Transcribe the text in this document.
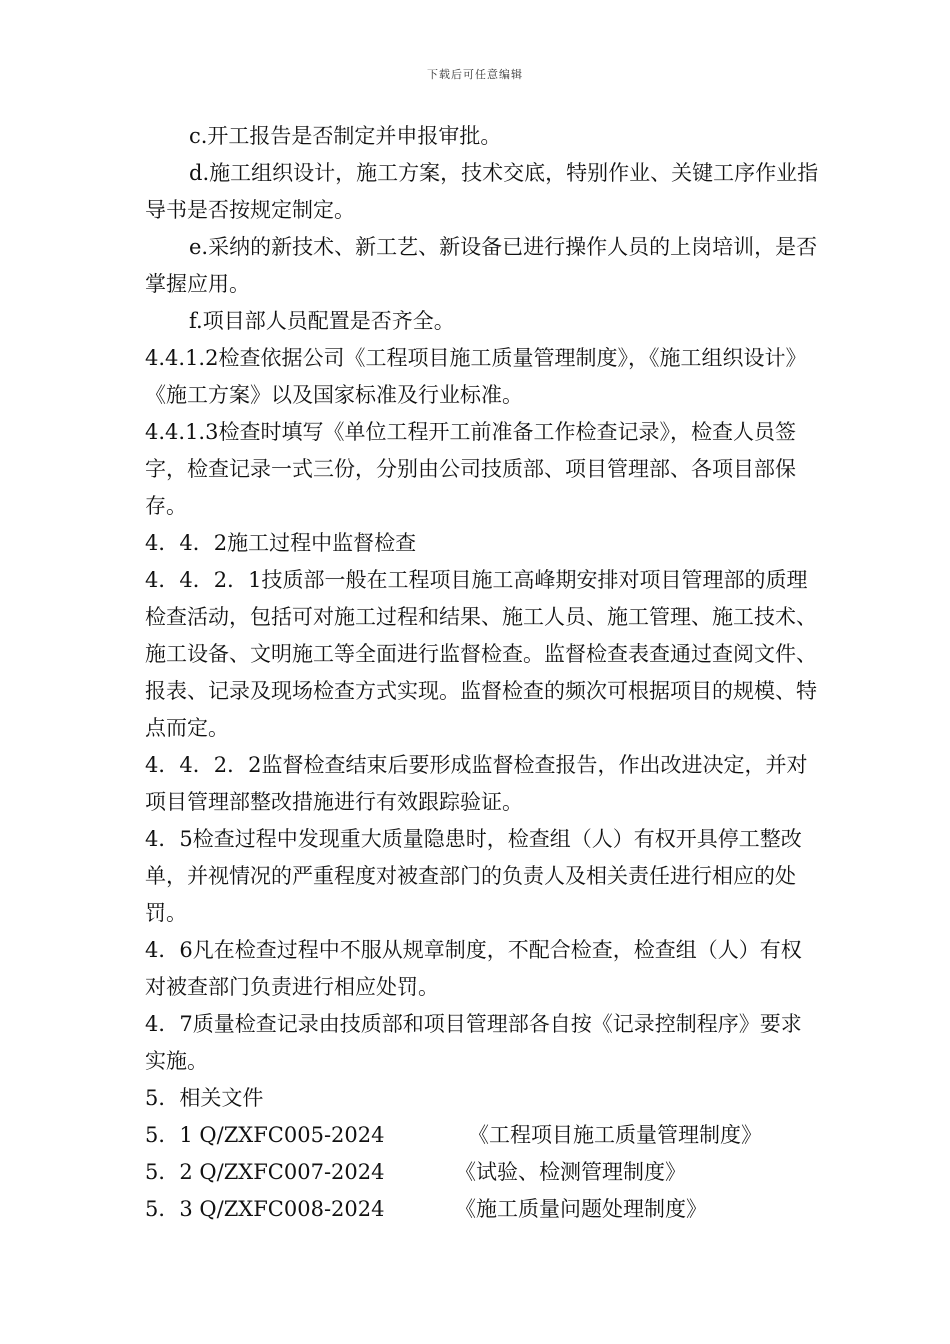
下载后可任意编辑

c.开工报告是否制定并申报审批。

d.施工组织设计，施工方案，技术交底，特别作业、关键工序作业指导书是否按规定制定。

e.采纳的新技术、新工艺、新设备已进行操作人员的上岗培训，是否掌握应用。

f.项目部人员配置是否齐全。

4.4.1.2检查依据公司《工程项目施工质量管理制度》，《施工组织设计》《施工方案》以及国家标准及行业标准。

4.4.1.3检查时填写《单位工程开工前准备工作检查记录》，检查人员签字，检查记录一式三份，分别由公司技质部、项目管理部、各项目部保存。

4．4．2施工过程中监督检查

4．4．2．1技质部一般在工程项目施工高峰期安排对项目管理部的质理检查活动，包括可对施工过程和结果、施工人员、施工管理、施工技术、施工设备、文明施工等全面进行监督检查。监督检查表查通过查阅文件、报表、记录及现场检查方式实现。监督检查的频次可根据项目的规模、特点而定。

4．4．2．2监督检查结束后要形成监督检查报告，作出改进决定，并对项目管理部整改措施进行有效跟踪验证。

4．5检查过程中发现重大质量隐患时，检查组（人）有权开具停工整改单，并视情况的严重程度对被查部门的负责人及相关责任进行相应的处罚。

4．6凡在检查过程中不服从规章制度，不配合检查，检查组（人）有权对被查部门负责进行相应处罚。

4．7质量检查记录由技质部和项目管理部各自按《记录控制程序》要求实施。

5．相关文件

5．1 Q/ZXFC005-2024	《工程项目施工质量管理制度》
5．2 Q/ZXFC007-2024	《试验、检测管理制度》
5．3 Q/ZXFC008-2024	《施工质量问题处理制度》
